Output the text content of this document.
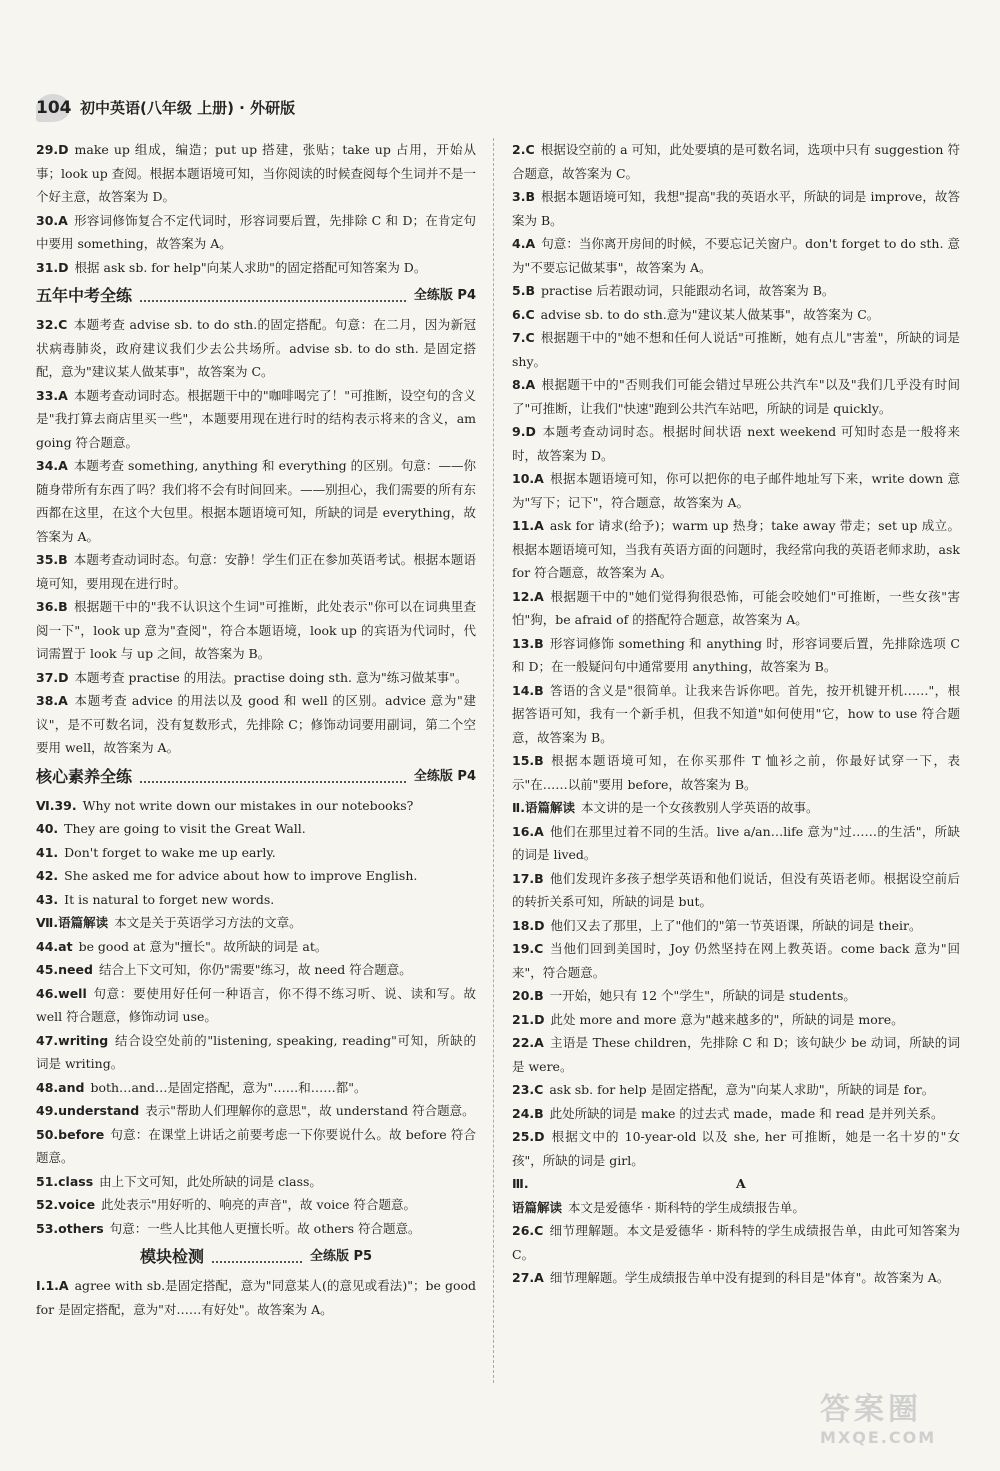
104 初中英语(八年级 上册) · 外研版

29.D make up 组成，编造；put up 搭建，张贴；take up 占用，开始从事；look up 查阅。根据本题语境可知，当你阅读的时候查阅每个生词并不是一个好主意，故答案为 D。

30.A 形容词修饰复合不定代词时，形容词要后置，先排除 C 和 D；在肯定句中要用 something，故答案为 A。

31.D 根据 ask sb. for help"向某人求助"的固定搭配可知答案为 D。

五年中考全练	全练版 P4

32.C 本题考查 advise sb. to do sth.的固定搭配。句意：在二月，因为新冠状病毒肺炎，政府建议我们少去公共场所。advise sb. to do sth. 是固定搭配，意为"建议某人做某事"，故答案为 C。

33.A 本题考查动词时态。根据题干中的"咖啡喝完了！"可推断，设空句的含义是"我打算去商店里买一些"，本题要用现在进行时的结构表示将来的含义，am going 符合题意。

34.A 本题考查 something, anything 和 everything 的区别。句意：——你随身带所有东西了吗？我们将不会有时间回来。——别担心，我们需要的所有东西都在这里，在这个大包里。根据本题语境可知，所缺的词是 everything，故答案为 A。

35.B 本题考查动词时态。句意：安静！学生们正在参加英语考试。根据本题语境可知，要用现在进行时。

36.B 根据题干中的"我不认识这个生词"可推断，此处表示"你可以在词典里查阅一下"，look up 意为"查阅"，符合本题语境，look up 的宾语为代词时，代词需置于 look 与 up 之间，故答案为 B。

37.D 本题考查 practise 的用法。practise doing sth. 意为"练习做某事"。

38.A 本题考查 advice 的用法以及 good 和 well 的区别。advice 意为"建议"，是不可数名词，没有复数形式，先排除 C；修饰动词要用副词，第二个空要用 well，故答案为 A。

核心素养全练	全练版 P4

Ⅵ.39. Why not write down our mistakes in our notebooks?

40. They are going to visit the Great Wall.

41. Don't forget to wake me up early.

42. She asked me for advice about how to improve English.

43. It is natural to forget new words.

Ⅶ.语篇解读 本文是关于英语学习方法的文章。

44.at be good at 意为"擅长"。故所缺的词是 at。

45.need 结合上下文可知，你仍"需要"练习，故 need 符合题意。

46.well 句意：要使用好任何一种语言，你不得不练习听、说、读和写。故 well 符合题意，修饰动词 use。

47.writing 结合设空处前的"listening, speaking, reading"可知，所缺的词是 writing。

48.and both…and…是固定搭配，意为"……和……都"。

49.understand 表示"帮助人们理解你的意思"，故 understand 符合题意。

50.before 句意：在课堂上讲话之前要考虑一下你要说什么。故 before 符合题意。

51.class 由上下文可知，此处所缺的词是 class。

52.voice 此处表示"用好听的、响亮的声音"，故 voice 符合题意。

53.others 句意：一些人比其他人更擅长听。故 others 符合题意。

模块检测	全练版 P5

Ⅰ.1.A agree with sb.是固定搭配，意为"同意某人(的意见或看法)"；be good for 是固定搭配，意为"对……有好处"。故答案为 A。

2.C 根据设空前的 a 可知，此处要填的是可数名词，选项中只有 suggestion 符合题意，故答案为 C。

3.B 根据本题语境可知，我想"提高"我的英语水平，所缺的词是 improve，故答案为 B。

4.A 句意：当你离开房间的时候，不要忘记关窗户。don't forget to do sth. 意为"不要忘记做某事"，故答案为 A。

5.B practise 后若跟动词，只能跟动名词，故答案为 B。

6.C advise sb. to do sth.意为"建议某人做某事"，故答案为 C。

7.C 根据题干中的"她不想和任何人说话"可推断，她有点儿"害羞"，所缺的词是 shy。

8.A 根据题干中的"否则我们可能会错过早班公共汽车"以及"我们几乎没有时间了"可推断，让我们"快速"跑到公共汽车站吧，所缺的词是 quickly。

9.D 本题考查动词时态。根据时间状语 next weekend 可知时态是一般将来时，故答案为 D。

10.A 根据本题语境可知，你可以把你的电子邮件地址写下来，write down 意为"写下；记下"，符合题意，故答案为 A。

11.A ask for 请求(给予)；warm up 热身；take away 带走；set up 成立。根据本题语境可知，当我有英语方面的问题时，我经常向我的英语老师求助，ask for 符合题意，故答案为 A。

12.A 根据题干中的"她们觉得狗很恐怖，可能会咬她们"可推断，一些女孩"害怕"狗，be afraid of 的搭配符合题意，故答案为 A。

13.B 形容词修饰 something 和 anything 时，形容词要后置，先排除选项 C 和 D；在一般疑问句中通常要用 anything，故答案为 B。

14.B 答语的含义是"很简单。让我来告诉你吧。首先，按开机键开机……"，根据答语可知，我有一个新手机，但我不知道"如何使用"它，how to use 符合题意，故答案为 B。

15.B 根据本题语境可知，在你买那件 T 恤衫之前，你最好试穿一下，表示"在……以前"要用 before，故答案为 B。

Ⅱ.语篇解读 本文讲的是一个女孩教别人学英语的故事。

16.A 他们在那里过着不同的生活。live a/an…life 意为"过……的生活"，所缺的词是 lived。

17.B 他们发现许多孩子想学英语和他们说话，但没有英语老师。根据设空前后的转折关系可知，所缺的词是 but。

18.D 他们又去了那里，上了"他们的"第一节英语课，所缺的词是 their。

19.C 当他们回到美国时，Joy 仍然坚持在网上教英语。come back 意为"回来"，符合题意。

20.B 一开始，她只有 12 个"学生"，所缺的词是 students。

21.D 此处 more and more 意为"越来越多的"，所缺的词是 more。

22.A 主语是 These children，先排除 C 和 D；该句缺少 be 动词，所缺的词是 were。

23.C ask sb. for help 是固定搭配，意为"向某人求助"，所缺的词是 for。

24.B 此处所缺的词是 make 的过去式 made，made 和 read 是并列关系。

25.D 根据文中的 10-year-old 以及 she, her 可推断，她是一名十岁的"女孩"，所缺的词是 girl。

Ⅲ.	A

语篇解读 本文是爱德华 · 斯科特的学生成绩报告单。

26.C 细节理解题。本文是爱德华 · 斯科特的学生成绩报告单，由此可知答案为 C。

27.A 细节理解题。学生成绩报告单中没有提到的科目是"体育"。故答案为 A。

答案圈
MXQE.COM
